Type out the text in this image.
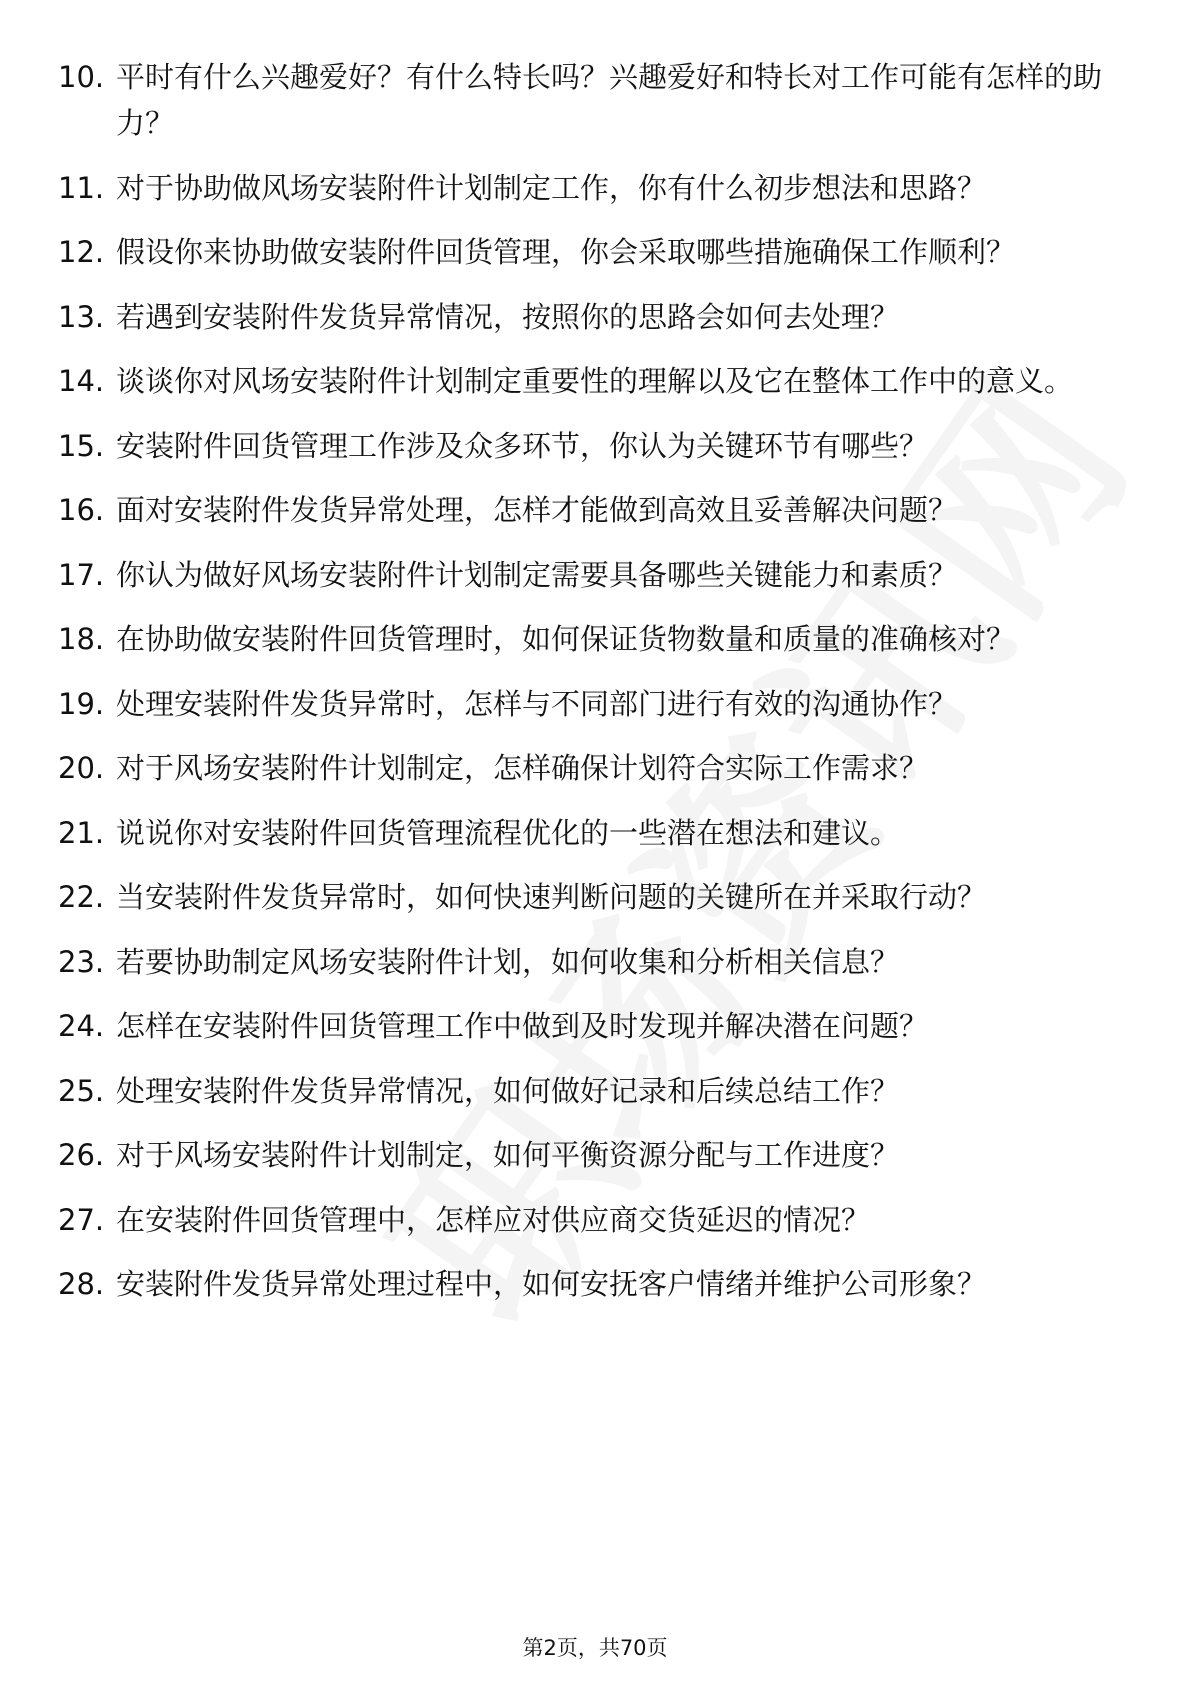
10. 平时有什么兴趣爱好？有什么特长吗？兴趣爱好和特长对工作可能有怎样的助力？
11. 对于协助做风场安装附件计划制定工作，你有什么初步想法和思路？
12. 假设你来协助做安装附件回货管理，你会采取哪些措施确保工作顺利？
13. 若遇到安装附件发货异常情况，按照你的思路会如何去处理？
14. 谈谈你对风场安装附件计划制定重要性的理解以及它在整体工作中的意义。
15. 安装附件回货管理工作涉及众多环节，你认为关键环节有哪些？
16. 面对安装附件发货异常处理，怎样才能做到高效且妥善解决问题？
17. 你认为做好风场安装附件计划制定需要具备哪些关键能力和素质？
18. 在协助做安装附件回货管理时，如何保证货物数量和质量的准确核对？
19. 处理安装附件发货异常时，怎样与不同部门进行有效的沟通协作？
20. 对于风场安装附件计划制定，怎样确保计划符合实际工作需求？
21. 说说你对安装附件回货管理流程优化的一些潜在想法和建议。
22. 当安装附件发货异常时，如何快速判断问题的关键所在并采取行动？
23. 若要协助制定风场安装附件计划，如何收集和分析相关信息？
24. 怎样在安装附件回货管理工作中做到及时发现并解决潜在问题？
25. 处理安装附件发货异常情况，如何做好记录和后续总结工作？
26. 对于风场安装附件计划制定，如何平衡资源分配与工作进度？
27. 在安装附件回货管理中，怎样应对供应商交货延迟的情况？
28. 安装附件发货异常处理过程中，如何安抚客户情绪并维护公司形象？
第2页，共70页
